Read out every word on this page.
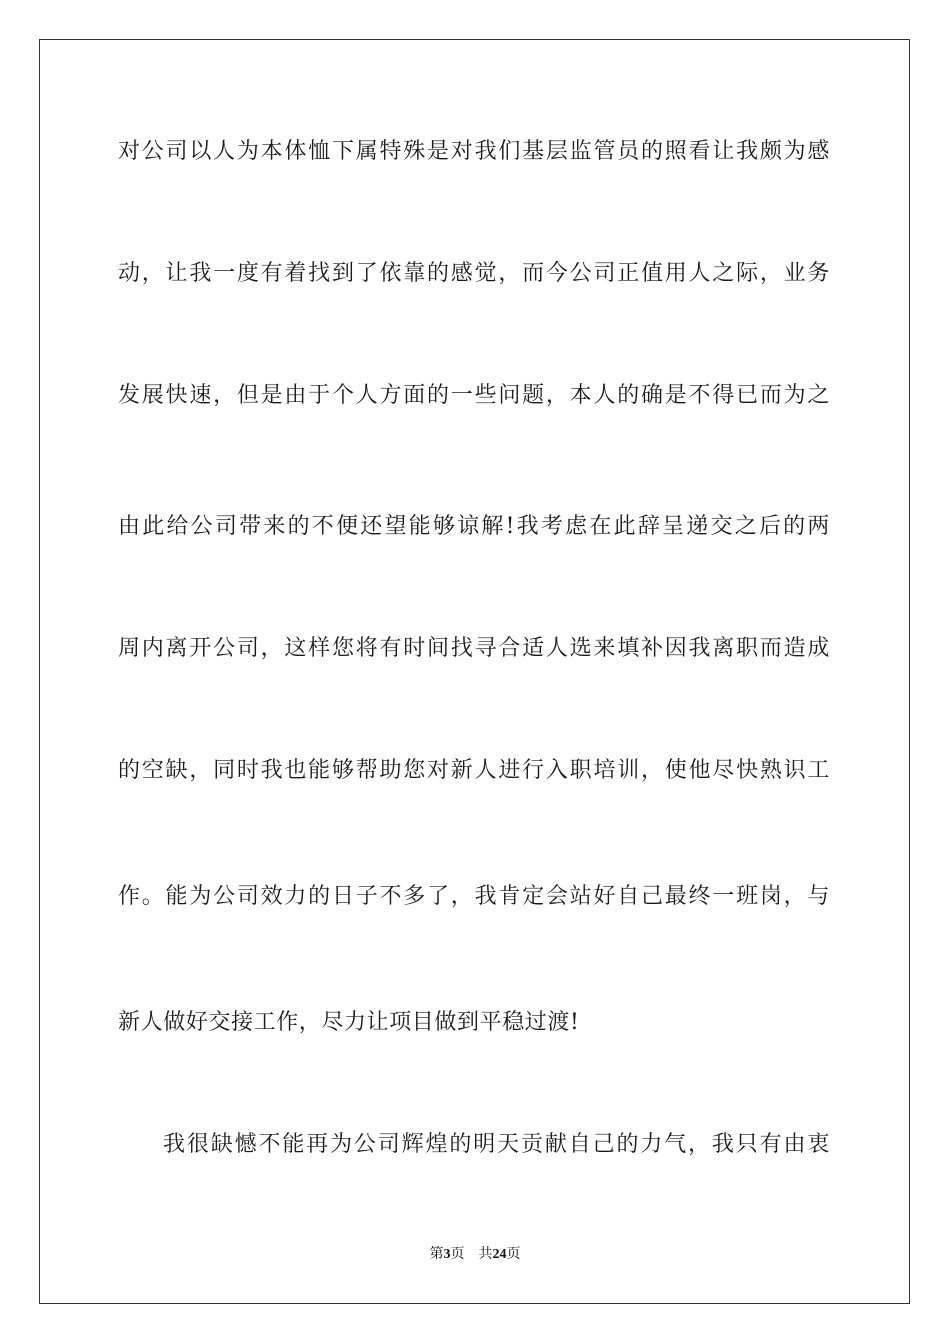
对公司以人为本体恤下属特殊是对我们基层监管员的照看让我颇为感
动，让我一度有着找到了依靠的感觉，而今公司正值用人之际，业务
发展快速，但是由于个人方面的一些问题，本人的确是不得已而为之
由此给公司带来的不便还望能够谅解!我考虑在此辞呈递交之后的两
周内离开公司，这样您将有时间找寻合适人选来填补因我离职而造成
的空缺，同时我也能够帮助您对新人进行入职培训，使他尽快熟识工
作。能为公司效力的日子不多了，我肯定会站好自己最终一班岗，与
新人做好交接工作，尽力让项目做到平稳过渡!
我很缺憾不能再为公司辉煌的明天贡献自己的力气，我只有由衷
第3页 共24页
